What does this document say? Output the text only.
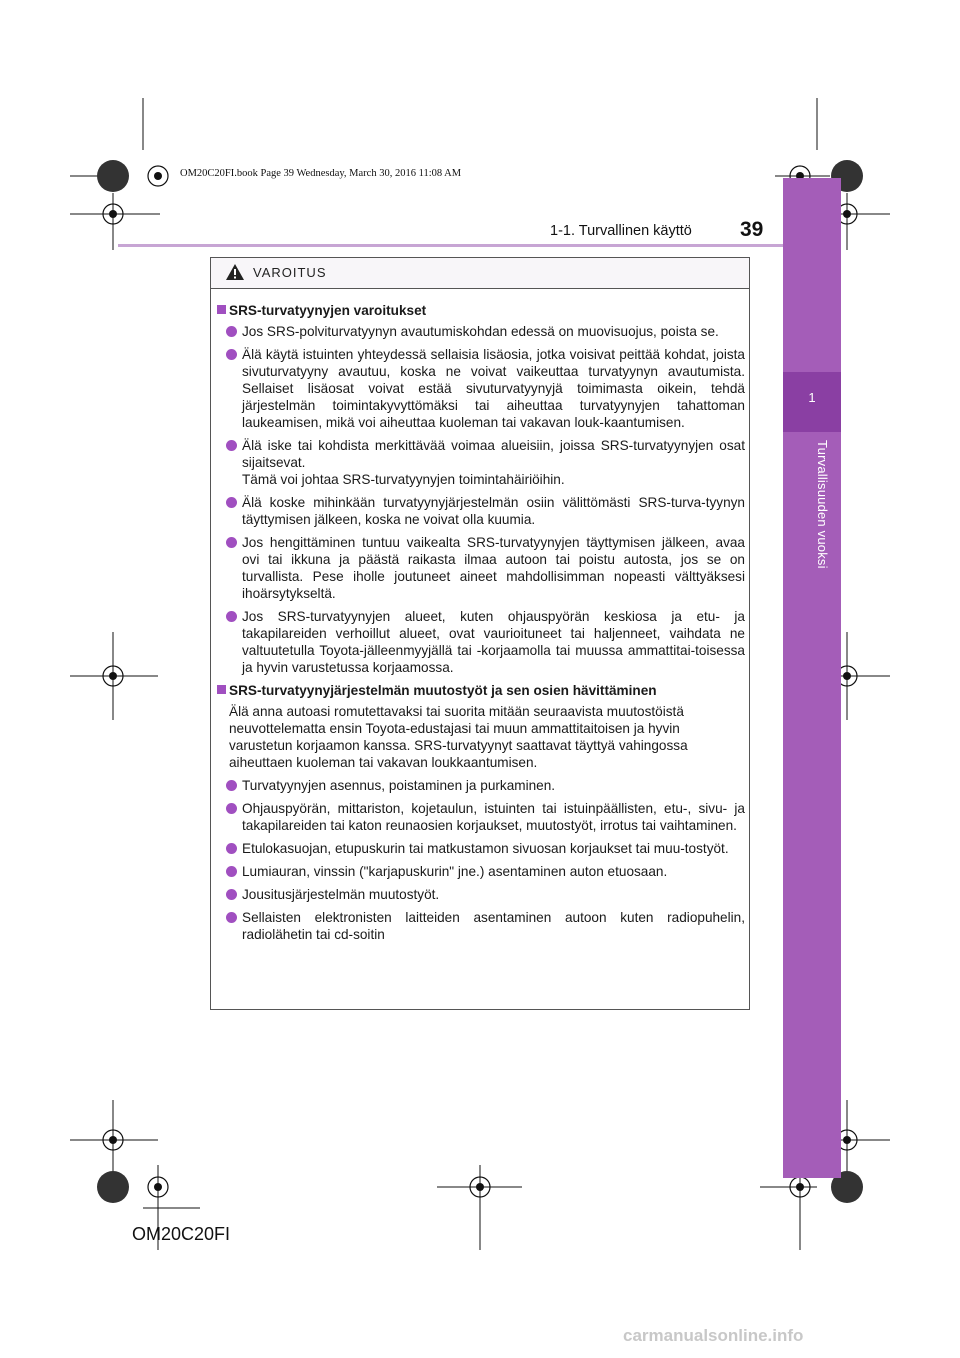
1
Turvallisuuden vuoksi
OM20C20FI.book Page 39 Wednesday, March 30, 2016 11:08 AM
1-1. Turvallinen käyttö 39
VAROITUS
SRS-turvatyynyjen varoitukset

Jos SRS-polviturvatyynyn avautumiskohdan edessä on muovisuojus, poista se.

Älä käytä istuinten yhteydessä sellaisia lisäosia, jotka voisivat peittää kohdat, joista sivuturvatyyny avautuu, koska ne voivat vaikeuttaa turvatyynyn avautumista. Sellaiset lisäosat voivat estää sivuturvatyynyjä toimimasta oikein, tehdä järjestelmän toimintakyvyttömäksi tai aiheuttaa turvatyynyjen tahattoman laukeamisen, mikä voi aiheuttaa kuoleman tai vakavan louk-kaantumisen.

Älä iske tai kohdista merkittävää voimaa alueisiin, joissa SRS-turvatyynyjen osat sijaitsevat.

Tämä voi johtaa SRS-turvatyynyjen toimintahäiriöihin.

Älä koske mihinkään turvatyynyjärjestelmän osiin välittömästi SRS-turva-tyynyn täyttymisen jälkeen, koska ne voivat olla kuumia.

Jos hengittäminen tuntuu vaikealta SRS-turvatyynyjen täyttymisen jälkeen, avaa ovi tai ikkuna ja päästä raikasta ilmaa autoon tai poistu autosta, jos se on turvallista. Pese iholle joutuneet aineet mahdollisimman nopeasti välttyäksesi ihoärsytykseltä.

Jos SRS-turvatyynyjen alueet, kuten ohjauspyörän keskiosa ja etu- ja takapilareiden verhoillut alueet, ovat vaurioituneet tai haljenneet, vaihdata ne valtuutetulla Toyota-jälleenmyyjällä tai -korjaamolla tai muussa ammattitai-toisessa ja hyvin varustetussa korjaamossa.

SRS-turvatyynyjärjestelmän muutostyöt ja sen osien hävittäminen

Älä anna autoasi romutettavaksi tai suorita mitään seuraavista muutostöistä neuvottelematta ensin Toyota-edustajasi tai muun ammattitaitoisen ja hyvin varustetun korjaamon kanssa. SRS-turvatyynyt saattavat täyttyä vahingossa aiheuttaen kuoleman tai vakavan loukkaantumisen.

Turvatyynyjen asennus, poistaminen ja purkaminen.

Ohjauspyörän, mittariston, kojetaulun, istuinten tai istuinpäällisten, etu-, sivu- ja takapilareiden tai katon reunaosien korjaukset, muutostyöt, irrotus tai vaihtaminen.

Etulokasuojan, etupuskurin tai matkustamon sivuosan korjaukset tai muu-tostyöt.

Lumiauran, vinssin ("karjapuskurin" jne.) asentaminen auton etuosaan.

Jousitusjärjestelmän muutostyöt.

Sellaisten elektronisten laitteiden asentaminen autoon kuten radiopuhelin, radiolähetin tai cd-soitin

OM20C20FI
carmanualsonline.info
